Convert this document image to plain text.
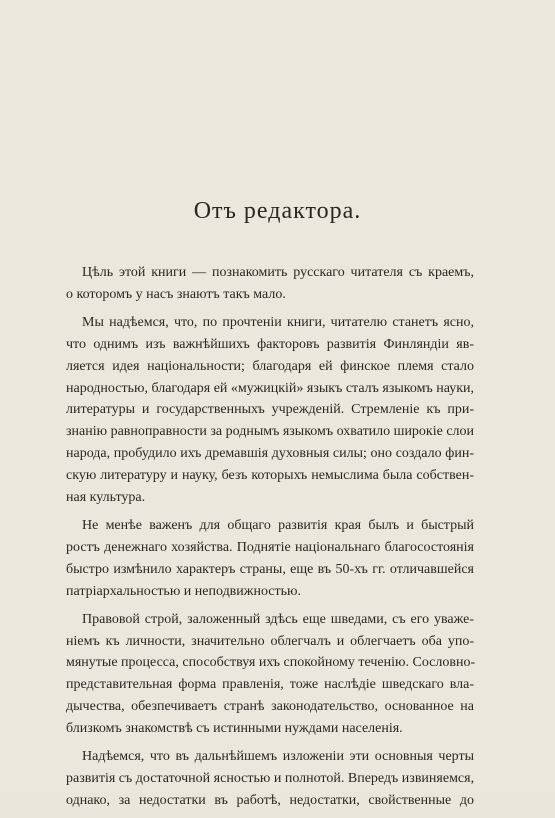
Отъ редактора.
Цѣль этой книги — познакомить русскаго читателя съ краемъ,
о которомъ у насъ знаютъ такъ мало.
Мы надѣемся, что, по прочтеніи книги, читателю станетъ ясно,
что однимъ изъ важнѣйшихъ факторовъ развитія Финляндіи яв-
ляется идея національности; благодаря ей финское племя стало
народностью, благодаря ей «мужицкій» языкъ сталъ языкомъ науки,
литературы и государственныхъ учрежденій. Стремленіе къ при-
знанію равноправности за роднымъ языкомъ охватило широкіе слои
народа, пробудило ихъ дремавшія духовныя силы; оно создало фин-
скую литературу и науку, безъ которыхъ немыслима была собствен-
ная культура.
Не менѣе важенъ для общаго развитія края былъ и быстрый
ростъ денежнаго хозяйства. Поднятіе національнаго благосостоянія
быстро измѣнило характеръ страны, еще въ 50-хъ гг. отличавшейся
патріархальностью и неподвижностью.
Правовой строй, заложенный здѣсь еще шведами, съ его уваже-
ніемъ къ личности, значительно облегчалъ и облегчаетъ оба упо-
мянутые процесса, способствуя ихъ спокойному теченію. Сословно-
представительная форма правленія, тоже наслѣдіе шведскаго вла-
дычества, обезпечиваетъ странѣ законодательство, основанное на
близкомъ знакомствѣ съ истинными нуждами населенія.
Надѣемся, что въ дальнѣйшемъ изложеніи эти основныя черты
развитія съ достаточной ясностью и полнотой. Впередъ извиняемся,
однако, за недостатки въ работѣ, недостатки, свойственные до
